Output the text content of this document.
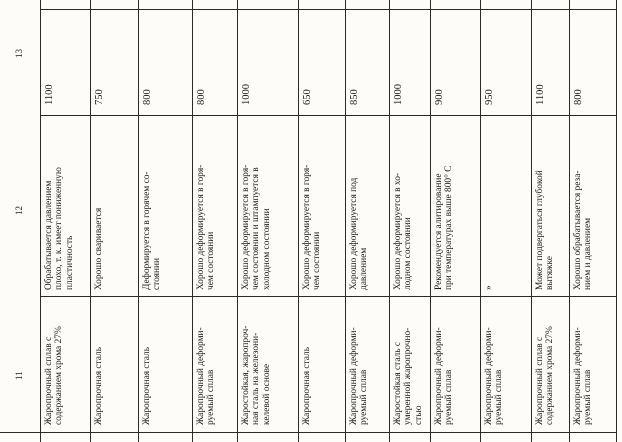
11
12
13
Жаропрочный сплав с
содержанием хрома 27%
Обрабатывается давлением
плохо, т. к. имеет пониженную
пластичность
1100
Жаропрочная сталь
Хорошо сваривается
750
Жаропрочная сталь
Деформируется в горячем со-
стоянии
800
Жаропрочный деформи-
руемый сплав
Хорошо деформируется в горя-
чем состоянии
800
Жаростойкая, жаропроч-
ная сталь на железони-
келевой основе
Хорошо деформируется в горя-
чем состоянии и штампуется в
холодном состоянии
1000
Жаропрочная сталь
Хорошо деформируется в горя-
чем состоянии
650
Жаропрочный деформи-
руемый сплав
Хорошо деформируется под
давлением
850
Жаростойкая сталь с
умеренной жаропрочно-
стью
Хорошо деформируется в хо-
лодном состоянии
1000
Жаропрочный деформи-
руемый сплав
Рекомендуется алитирование
при температурах выше 800° С
900
Жаропрочный деформи-
руемый сплав
»
950
Жаропрочный сплав с
содержанием хрома 27%
Может подвергаться глубокой
вытяжке
1100
Жаропрочный деформи-
руемый сплав
Хорошо обрабатывается реза-
нием и давлением
800
